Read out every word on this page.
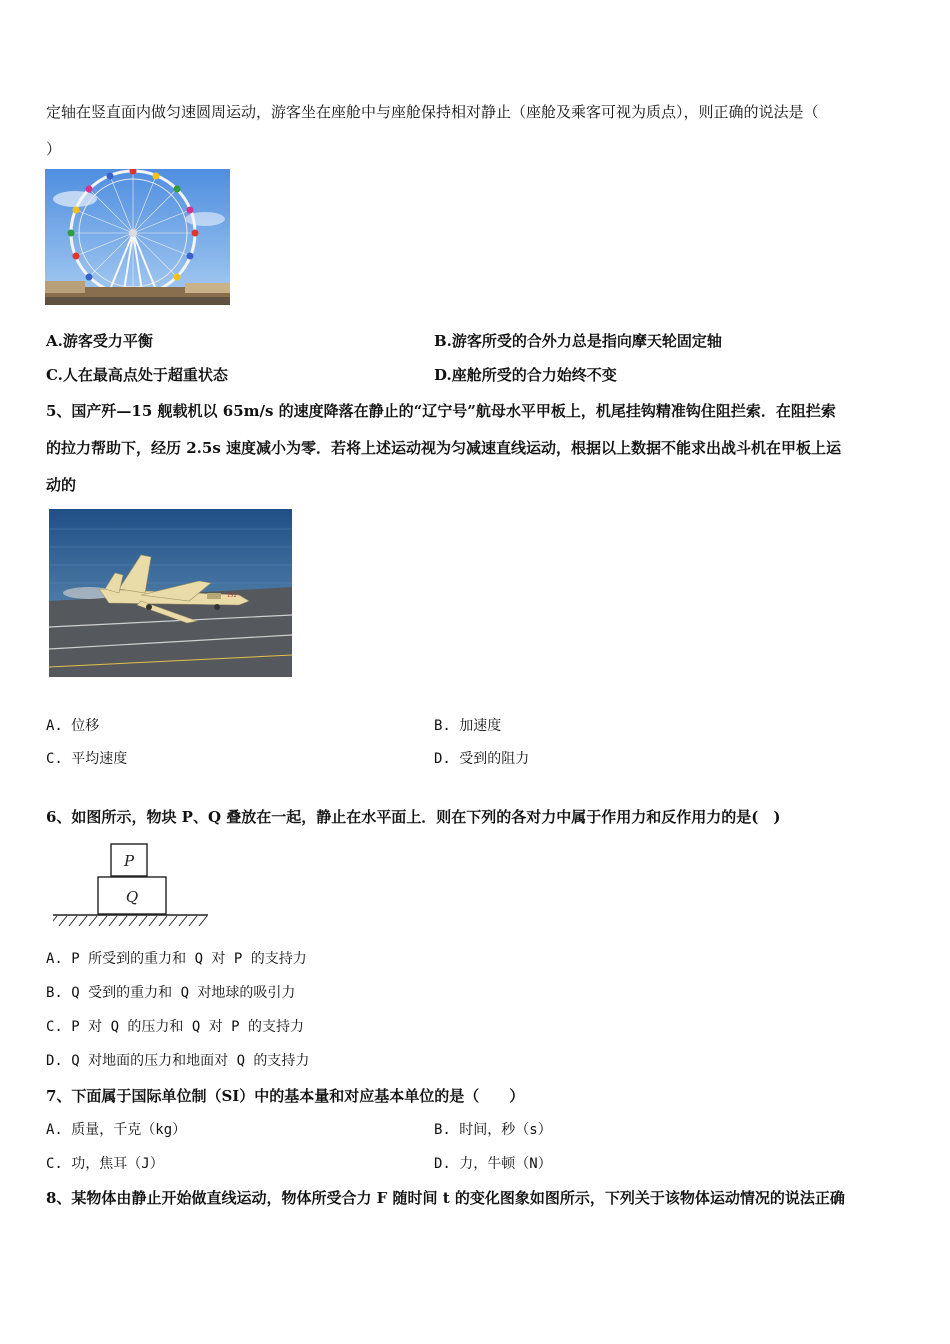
定轴在竖直面内做匀速圆周运动，游客坐在座舱中与座舱保持相对静止（座舱及乘客可视为质点），则正确的说法是（
）
A.游客受力平衡	B.游客所受的合外力总是指向摩天轮固定轴
C.人在最高点处于超重状态	D.座舱所受的合力始终不变
5、国产歼—15 舰载机以 65m/s 的速度降落在静止的“辽宁号”航母水平甲板上，机尾挂钩精准钩住阻拦索．在阻拦索
的拉力帮助下，经历 2.5s 速度减小为零．若将上述运动视为匀减速直线运动，根据以上数据不能求出战斗机在甲板上运
动的
152
A. 位移	B. 加速度
C. 平均速度	D. 受到的阻力
6、如图所示，物块 P、Q 叠放在一起，静止在水平面上．则在下列的各对力中属于作用力和反作用力的是(　)
P
Q
A. P 所受到的重力和 Q 对 P 的支持力
B. Q 受到的重力和 Q 对地球的吸引力
C. P 对 Q 的压力和 Q 对 P 的支持力
D. Q 对地面的压力和地面对 Q 的支持力
7、下面属于国际单位制（SI）中的基本量和对应基本单位的是（　　）
A. 质量，千克（kg）	B. 时间，秒（s）
C. 功，焦耳（J）	D. 力，牛顿（N）
8、某物体由静止开始做直线运动，物体所受合力 F 随时间 t 的变化图象如图所示，下列关于该物体运动情况的说法正确
